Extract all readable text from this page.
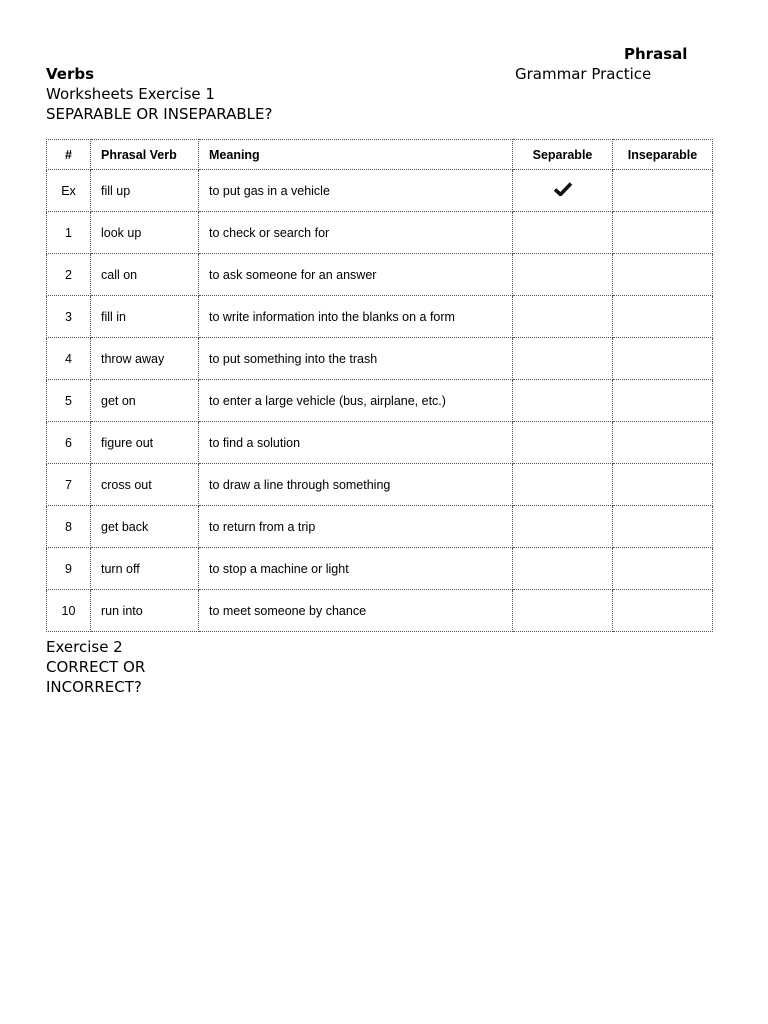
Phrasal
Verbs	Grammar Practice
Worksheets Exercise 1
SEPARABLE OR INSEPARABLE?
#	Phrasal Verb	Meaning	Separable	Inseparable
Ex	fill up	to put gas in a vehicle		
1	look up	to check or search for		
2	call on	to ask someone for an answer		
3	fill in	to write information into the blanks on a form		
4	throw away	to put something into the trash		
5	get on	to enter a large vehicle (bus, airplane, etc.)		
6	figure out	to find a solution		
7	cross out	to draw a line through something		
8	get back	to return from a trip		
9	turn off	to stop a machine or light		
10	run into	to meet someone by chance		
Exercise 2
CORRECT OR
INCORRECT?
